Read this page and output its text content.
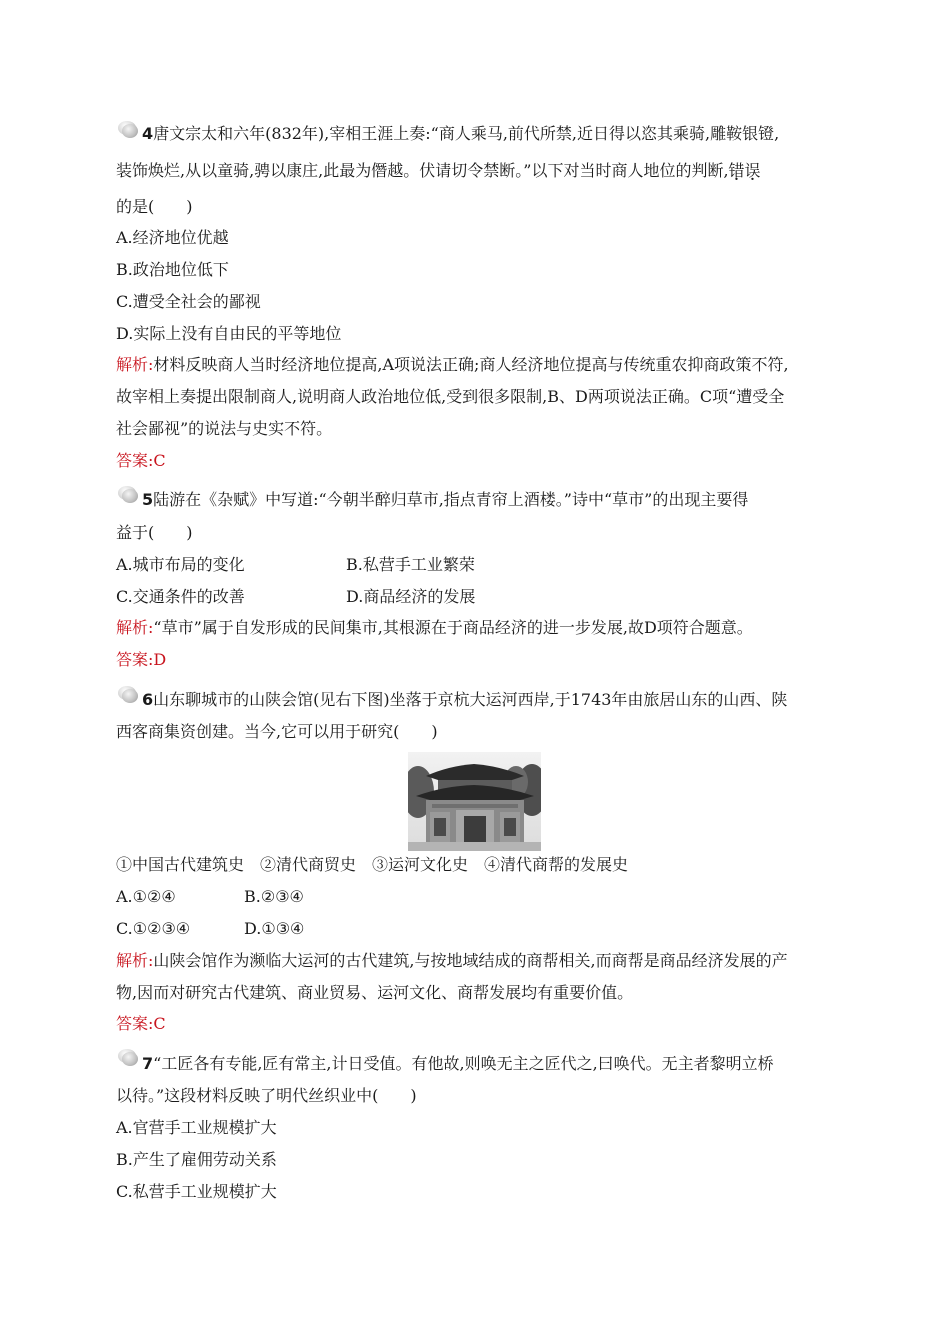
4唐文宗太和六年(832年),宰相王涯上奏:“商人乘马,前代所禁,近日得以恣其乘骑,雕鞍银镫,
装饰焕烂,从以童骑,骋以康庄,此最为僭越。伏请切令禁断。”以下对当时商人地位的判断,错误
的是(　　)
A.经济地位优越
B.政治地位低下
C.遭受全社会的鄙视
D.实际上没有自由民的平等地位
解析:材料反映商人当时经济地位提高,A项说法正确;商人经济地位提高与传统重农抑商政策不符,
故宰相上奏提出限制商人,说明商人政治地位低,受到很多限制,B、D两项说法正确。C项“遭受全
社会鄙视”的说法与史实不符。
答案:C
5陆游在《杂赋》中写道:“今朝半醉归草市,指点青帘上酒楼。”诗中“草市”的出现主要得
益于(　　)
A.城市布局的变化	B.私营手工业繁荣
C.交通条件的改善	D.商品经济的发展
解析:“草市”属于自发形成的民间集市,其根源在于商品经济的进一步发展,故D项符合题意。
答案:D
6山东聊城市的山陕会馆(见右下图)坐落于京杭大运河西岸,于1743年由旅居山东的山西、陕
西客商集资创建。当今,它可以用于研究(　　)
①中国古代建筑史　②清代商贸史　③运河文化史　④清代商帮的发展史
A.①②④	B.②③④
C.①②③④	D.①③④
解析:山陕会馆作为濒临大运河的古代建筑,与按地域结成的商帮相关,而商帮是商品经济发展的产
物,因而对研究古代建筑、商业贸易、运河文化、商帮发展均有重要价值。
答案:C
7“工匠各有专能,匠有常主,计日受值。有他故,则唤无主之匠代之,曰唤代。无主者黎明立桥
以待。”这段材料反映了明代丝织业中(　　)
A.官营手工业规模扩大
B.产生了雇佣劳动关系
C.私营手工业规模扩大
